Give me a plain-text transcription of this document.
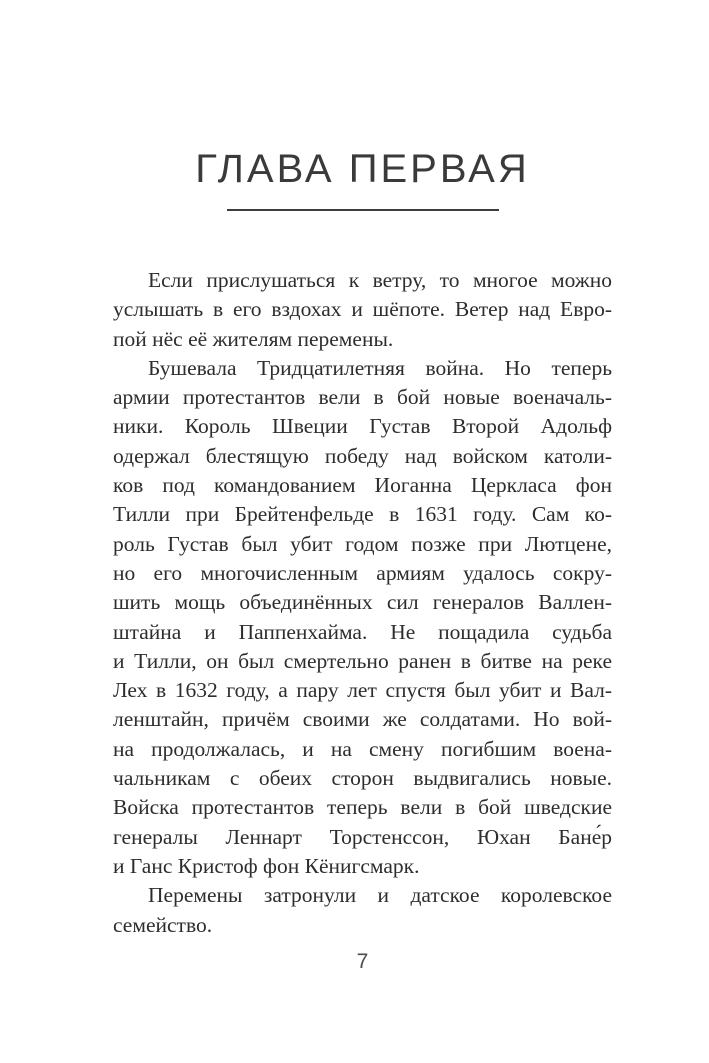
ГЛАВА ПЕРВАЯ
Если прислушаться к ветру, то многое можно
услышать в его вздохах и шёпоте. Ветер над Евро-
пой нёс её жителям перемены.
Бушевала Тридцатилетняя война. Но теперь
армии протестантов вели в бой новые военачаль-
ники. Король Швеции Густав Второй Адольф
одержал блестящую победу над войском католи-
ков под командованием Иоганна Церкласа фон
Тилли при Брейтенфельде в 1631 году. Сам ко-
роль Густав был убит годом позже при Лютцене,
но его многочисленным армиям удалось сокру-
шить мощь объединённых сил генералов Валлен-
штайна и Паппенхайма. Не пощадила судьба
и Тилли, он был смертельно ранен в битве на реке
Лех в 1632 году, а пару лет спустя был убит и Вал-
ленштайн, причём своими же солдатами. Но вой-
на продолжалась, и на смену погибшим воена-
чальникам с обеих сторон выдвигались новые.
Войска протестантов теперь вели в бой шведские
генералы Леннарт Торстенссон, Юхан Бане́р
и Ганс Кристоф фон Кёнигсмарк.
Перемены затронули и датское королевское
семейство.
7
